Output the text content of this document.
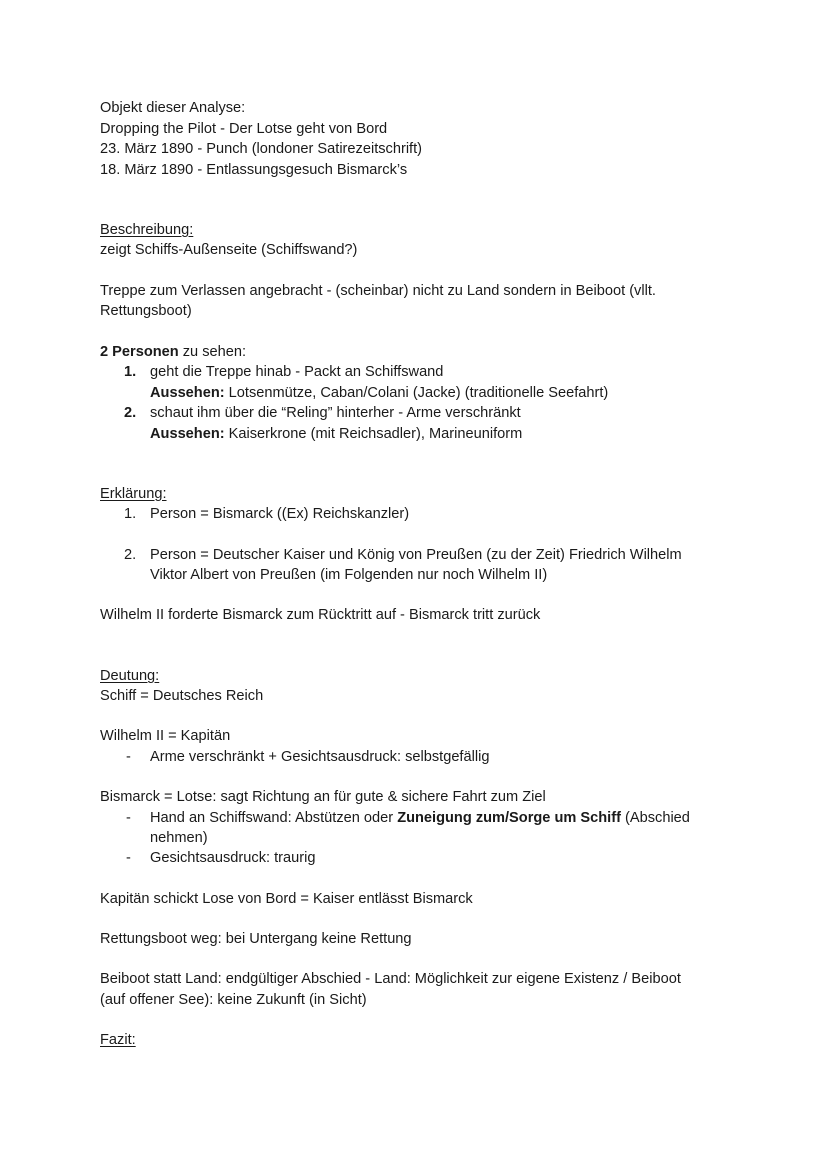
Objekt dieser Analyse:
Dropping the Pilot - Der Lotse geht von Bord
23. März 1890 - Punch (londoner Satirezeitschrift)
18. März 1890 - Entlassungsgesuch Bismarck’s
Beschreibung:
zeigt Schiffs-Außenseite (Schiffswand?)
Treppe zum Verlassen angebracht - (scheinbar) nicht zu Land sondern in Beiboot (vllt.
Rettungsboot)
2 Personen zu sehen:
1. geht die Treppe hinab - Packt an Schiffswand
Aussehen: Lotsenmütze, Caban/Colani (Jacke) (traditionelle Seefahrt)
2. schaut ihm über die “Reling” hinterher - Arme verschränkt
Aussehen: Kaiserkrone (mit Reichsadler), Marineuniform
Erklärung:
1. Person = Bismarck ((Ex) Reichskanzler)
2. Person = Deutscher Kaiser und König von Preußen (zu der Zeit) Friedrich Wilhelm
Viktor Albert von Preußen (im Folgenden nur noch Wilhelm II)
Wilhelm II forderte Bismarck zum Rücktritt auf - Bismarck tritt zurück
Deutung:
Schiff = Deutsches Reich
Wilhelm II = Kapitän
- Arme verschränkt + Gesichtsausdruck: selbstgefällig
Bismarck = Lotse: sagt Richtung an für gute & sichere Fahrt zum Ziel
- Hand an Schiffswand: Abstützen oder Zuneigung zum/Sorge um Schiff (Abschied
nehmen)
- Gesichtsausdruck: traurig
Kapitän schickt Lose von Bord = Kaiser entlässt Bismarck
Rettungsboot weg: bei Untergang keine Rettung
Beiboot statt Land: endgültiger Abschied - Land: Möglichkeit zur eigene Existenz / Beiboot
(auf offener See): keine Zukunft (in Sicht)
Fazit:
